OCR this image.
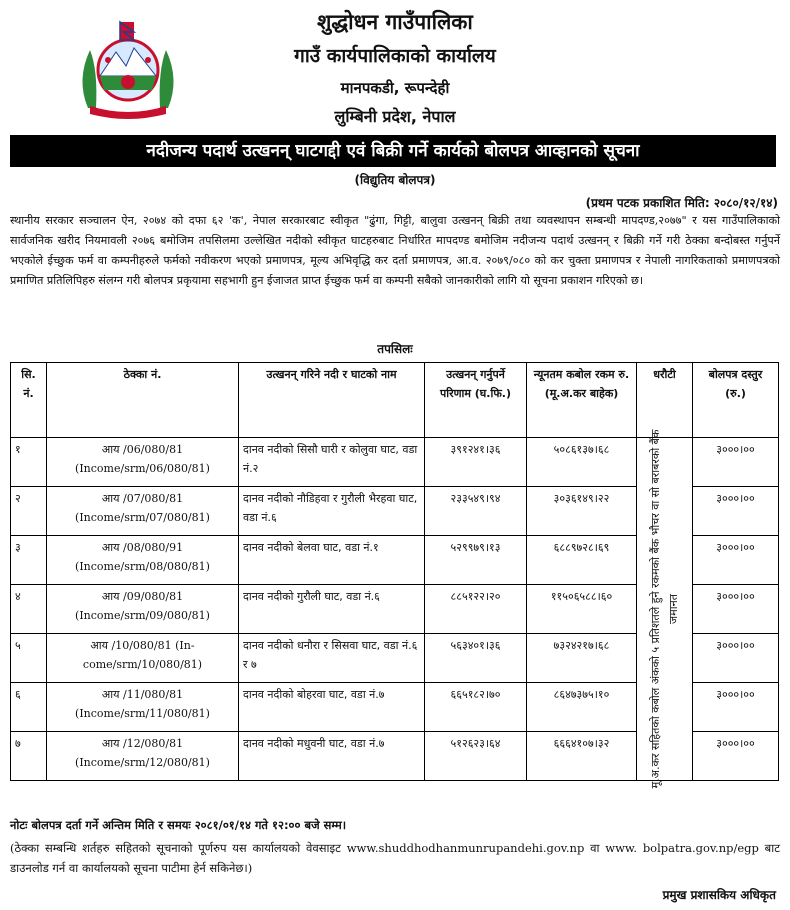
शुद्धोधन गाउँपालिका
गाउँ कार्यपालिकाको कार्यालय
मानपकडी, रूपन्देही
लुम्बिनी प्रदेश, नेपाल
नदीजन्य पदार्थ उत्खनन् घाटगद्दी एवं बिक्री गर्ने कार्यको बोलपत्र आव्हानको सूचना
(विद्युतिय बोलपत्र)
(प्रथम पटक प्रकाशित मिति: २०८०/१२/१४)
स्थानीय सरकार सञ्चालन ऐन, २०७४ को दफा ६२ 'क', नेपाल सरकारबाट स्वीकृत "ढुंगा, गिट्टी, बालुवा उत्खनन् बिक्री तथा व्यवस्थापन सम्बन्धी मापदण्ड,२०७७" र यस गाउँपालिकाको सार्वजनिक खरीद नियमावली २०७६ बमोजिम तपसिलमा उल्लेखित नदीको स्वीकृत घाटहरुबाट निर्धारित मापदण्ड बमोजिम नदीजन्य पदार्थ उत्खनन् र बिक्री गर्ने गरी ठेक्का बन्दोबस्त गर्नुपर्ने भएकोले ईच्छुक फर्म वा कम्पनीहरुले फर्मको नवीकरण भएको प्रमाणपत्र, मूल्य अभिवृद्धि कर दर्ता प्रमाणपत्र, आ.व. २०७९/०८० को कर चुक्ता प्रमाणपत्र र नेपाली नागरिकताको प्रमाणपत्रको प्रमाणित प्रतिलिपिहरु संलग्न गरी बोलपत्र प्रकृयामा सहभागी हुन ईजाजत प्राप्त ईच्छुक फर्म वा कम्पनी सबैको जानकारीको लागि यो सूचना प्रकाशन गरिएको छ।
तपसिलः
सि. नं.	ठेक्का नं.	उत्खनन् गरिने नदी र घाटको नाम	उत्खनन् गर्नुपर्ने परिणाम (घ.फि.)	न्यूनतम कबोल रकम रु. (मू.अ.कर बाहेक)	धरौटी	बोलपत्र दस्तुर (रु.)
१	आय /06/080/81 (Income/srm/06/080/81)	दानव नदीको सिसौ घारी र कोलुवा घाट, वडा नं.२	३९१२४१।३६	५०८६१३७।६८	मू.अ.कर सहितको कबोल अंकको ५ प्रतिशतले हुने रकमको बैंक भौचर वा सो बराबरको बैंक जमानत	३०००।००
२	आय /07/080/81 (Income/srm/07/080/81)	दानव नदीको नौडिहवा र गुरौली भैरहवा घाट, वडा नं.६	२३३५४९।९४	३०३६१४९।२२		३०००।००
३	आय /08/080/91 (Income/srm/08/080/81)	दानव नदीको बेलवा घाट, वडा नं.१	५२९९७९।१३	६८८९७२८।६९		३०००।००
४	आय /09/080/81 (Income/srm/09/080/81)	दानव नदीको गुरौली घाट, वडा नं.६	८८५१२२।२०	११५०६५८८।६०		३०००।००
५	आय /10/080/81 (In-come/srm/10/080/81)	दानव नदीको धनौरा र सिसवा घाट, वडा नं.६ र ७	५६३४०१।३६	७३२४२१७।६८		३०००।००
६	आय /11/080/81 (Income/srm/11/080/81)	दानव नदीको बोहरवा घाट, वडा नं.७	६६५१८२।७०	८६४७३७५।१०		३०००।००
७	आय /12/080/81 (Income/srm/12/080/81)	दानव नदीको मधुवनी घाट, वडा नं.७	५१२६२३।६४	६६६४१०७।३२		३०००।००
नोटः बोलपत्र दर्ता गर्ने अन्तिम मिति र समयः २०८१/०१/१४ गते १२:०० बजे सम्म।
(ठेक्का सम्बन्धि शर्तहरु सहितको सूचनाको पूर्णरुप यस कार्यालयको वेवसाइट www.shuddhodhanmunrupandehi.gov.np वा www. bolpatra.gov.np/egp बाट डाउनलोड गर्न वा कार्यालयको सूचना पाटीमा हेर्न सकिनेछ।)
प्रमुख प्रशासकिय अधिकृत
